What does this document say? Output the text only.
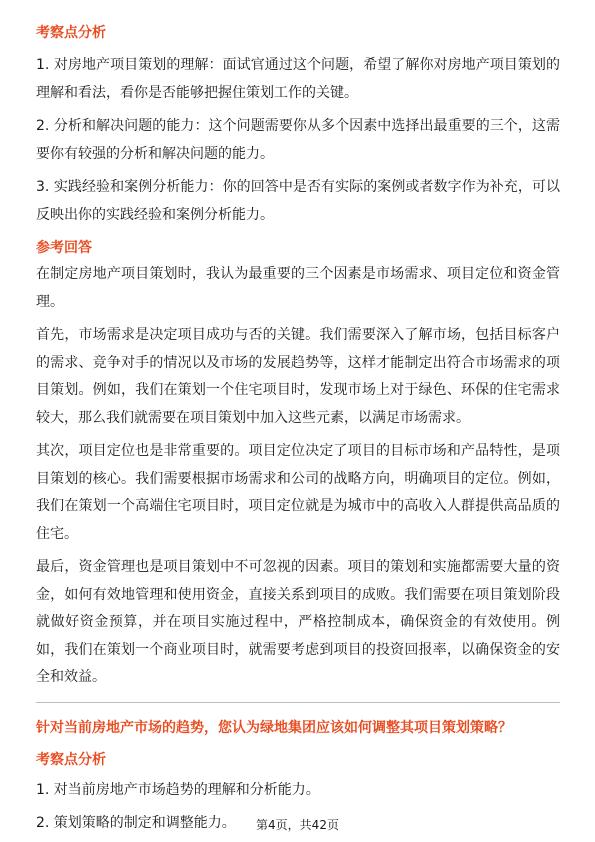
考察点分析

1. 对房地产项目策划的理解：面试官通过这个问题，希望了解你对房地产项目策划的理解和看法，看你是否能够把握住策划工作的关键。

2. 分析和解决问题的能力：这个问题需要你从多个因素中选择出最重要的三个，这需要你有较强的分析和解决问题的能力。

3. 实践经验和案例分析能力：你的回答中是否有实际的案例或者数字作为补充，可以反映出你的实践经验和案例分析能力。

参考回答

在制定房地产项目策划时，我认为最重要的三个因素是市场需求、项目定位和资金管理。

首先，市场需求是决定项目成功与否的关键。我们需要深入了解市场，包括目标客户的需求、竞争对手的情况以及市场的发展趋势等，这样才能制定出符合市场需求的项目策划。例如，我们在策划一个住宅项目时，发现市场上对于绿色、环保的住宅需求较大，那么我们就需要在项目策划中加入这些元素，以满足市场需求。

其次，项目定位也是非常重要的。项目定位决定了项目的目标市场和产品特性，是项目策划的核心。我们需要根据市场需求和公司的战略方向，明确项目的定位。例如，我们在策划一个高端住宅项目时，项目定位就是为城市中的高收入人群提供高品质的住宅。

最后，资金管理也是项目策划中不可忽视的因素。项目的策划和实施都需要大量的资金，如何有效地管理和使用资金，直接关系到项目的成败。我们需要在项目策划阶段就做好资金预算，并在项目实施过程中，严格控制成本，确保资金的有效使用。例如，我们在策划一个商业项目时，就需要考虑到项目的投资回报率，以确保资金的安全和效益。

针对当前房地产市场的趋势，您认为绿地集团应该如何调整其项目策划策略？
考察点分析

1. 对当前房地产市场趋势的理解和分析能力。

2. 策划策略的制定和调整能力。	第4页，共42页
